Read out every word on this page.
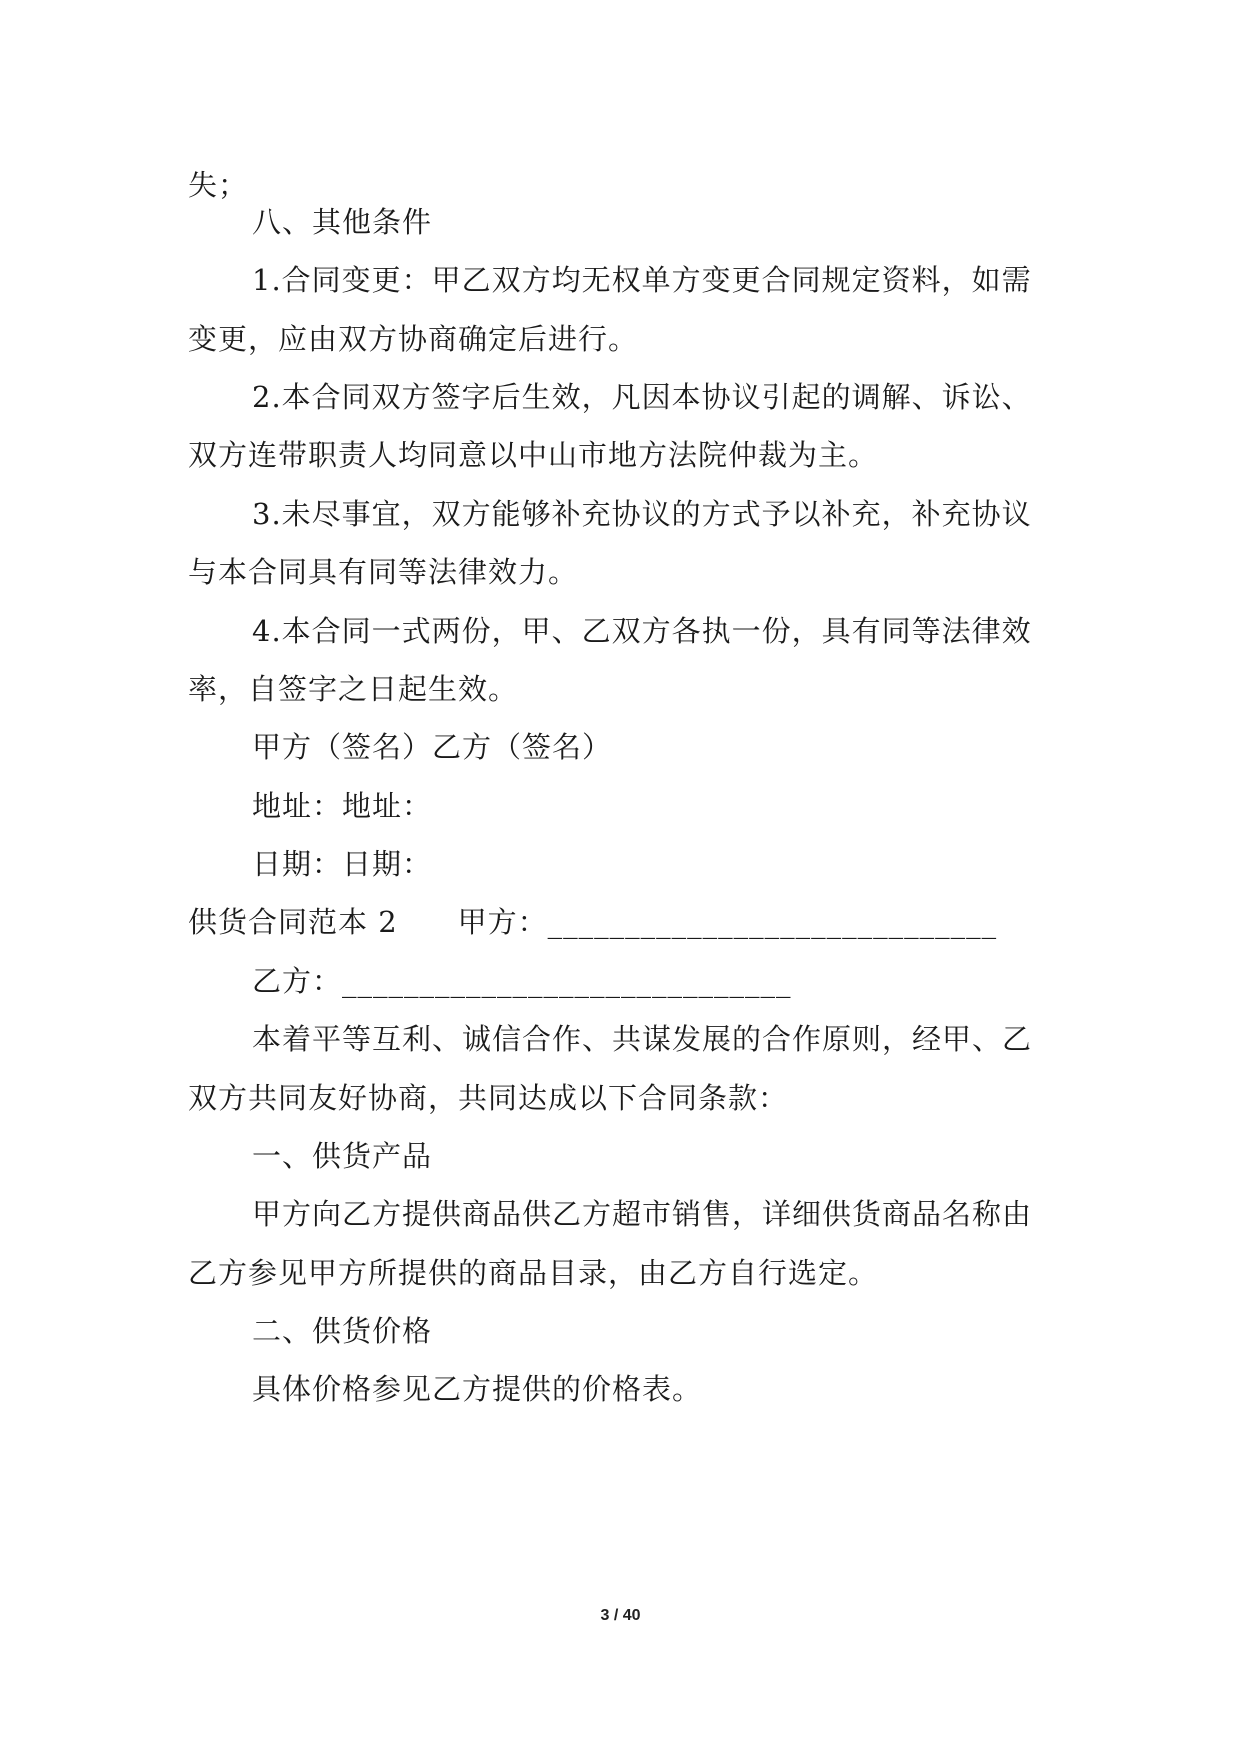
失；
八、其他条件
1.合同变更：甲乙双方均无权单方变更合同规定资料，如需
变更，应由双方协商确定后进行。
2.本合同双方签字后生效，凡因本协议引起的调解、诉讼、
双方连带职责人均同意以中山市地方法院仲裁为主。
3.未尽事宜，双方能够补充协议的方式予以补充，补充协议
与本合同具有同等法律效力。
4.本合同一式两份，甲、乙双方各执一份，具有同等法律效
率，自签字之日起生效。
甲方（签名）乙方（签名）
地址：地址：
日期：日期：
供货合同范本 2　　甲方：_____________________________
乙方：_____________________________
本着平等互利、诚信合作、共谋发展的合作原则，经甲、乙
双方共同友好协商，共同达成以下合同条款：
一、供货产品
甲方向乙方提供商品供乙方超市销售，详细供货商品名称由
乙方参见甲方所提供的商品目录，由乙方自行选定。
二、供货价格
具体价格参见乙方提供的价格表。
3 / 40
